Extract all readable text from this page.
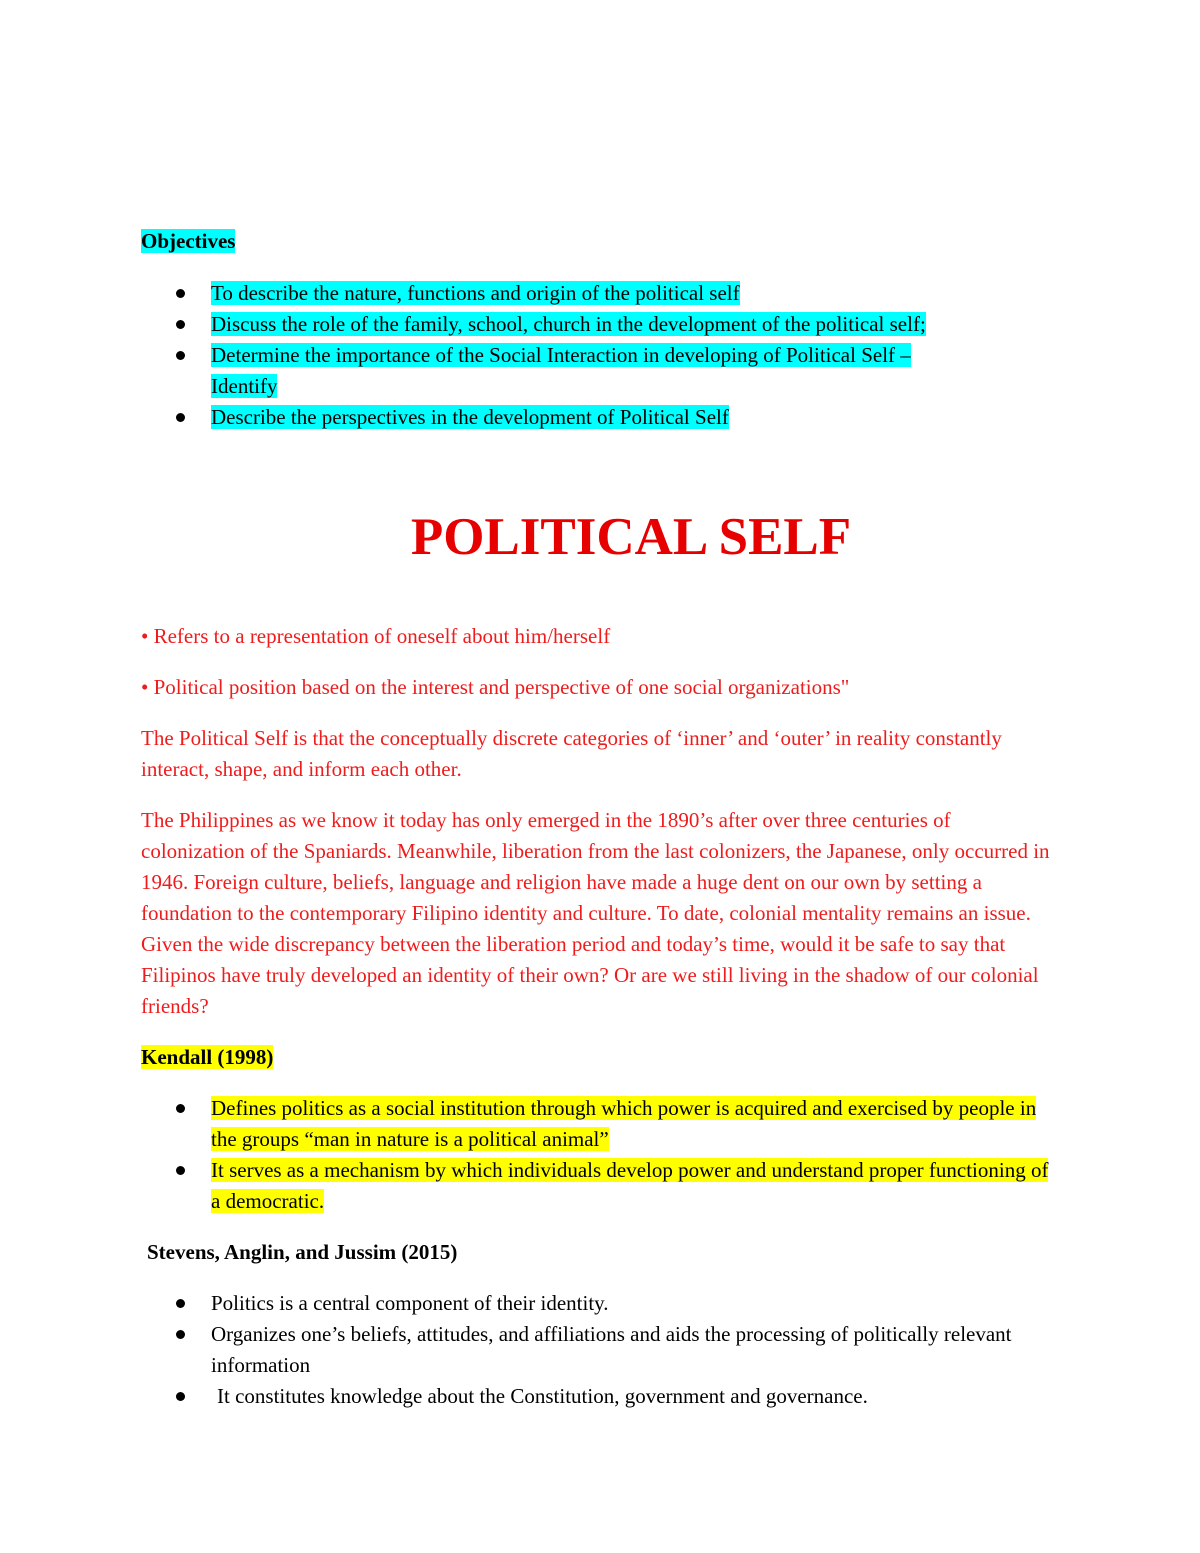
Objectives

To describe the nature, functions and origin of the political self
Discuss the role of the family, school, church in the development of the political self;
Determine the importance of the Social Interaction in developing of Political Self –
Identify
Describe the perspectives in the development of Political Self
POLITICAL SELF

• Refers to a representation of oneself about him/herself

• Political position based on the interest and perspective of one social organizations"

The Political Self is that the conceptually discrete categories of ‘inner’ and ‘outer’ in reality constantly interact, shape, and inform each other.

The Philippines as we know it today has only emerged in the 1890’s after over three centuries of colonization of the Spaniards. Meanwhile, liberation from the last colonizers, the Japanese, only occurred in 1946. Foreign culture, beliefs, language and religion have made a huge dent on our own by setting a foundation to the contemporary Filipino identity and culture. To date, colonial mentality remains an issue. Given the wide discrepancy between the liberation period and today’s time, would it be safe to say that Filipinos have truly developed an identity of their own? Or are we still living in the shadow of our colonial friends?

Kendall (1998)

Defines politics as a social institution through which power is acquired and exercised by people in the groups “man in nature is a political animal”
It serves as a mechanism by which individuals develop power and understand proper functioning of a democratic.

Stevens, Anglin, and Jussim (2015)

Politics is a central component of their identity.
Organizes one’s beliefs, attitudes, and affiliations and aids the processing of politically relevant information
It constitutes knowledge about the Constitution, government and governance.
